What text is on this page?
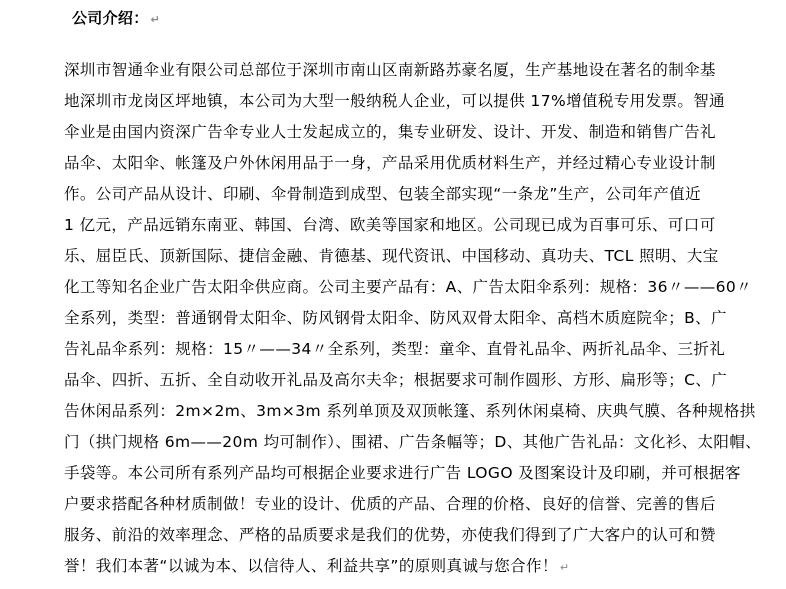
公司介绍： ↵
深圳市智通伞业有限公司总部位于深圳市南山区南新路苏豪名厦，生产基地设在著名的制伞基
地深圳市龙岗区坪地镇，本公司为大型一般纳税人企业，可以提供 17%增值税专用发票。智通
伞业是由国内资深广告伞专业人士发起成立的，集专业研发、设计、开发、制造和销售广告礼
品伞、太阳伞、帐篷及户外休闲用品于一身，产品采用优质材料生产，并经过精心专业设计制
作。公司产品从设计、印刷、伞骨制造到成型、包装全部实现“一条龙”生产，公司年产值近
1 亿元，产品远销东南亚、韩国、台湾、欧美等国家和地区。公司现已成为百事可乐、可口可
乐、屈臣氏、顶新国际、捷信金融、肯德基、现代资讯、中国移动、真功夫、TCL 照明、大宝
化工等知名企业广告太阳伞供应商。公司主要产品有：A、广告太阳伞系列：规格：36〃——60〃
全系列，类型：普通钢骨太阳伞、防风钢骨太阳伞、防风双骨太阳伞、高档木质庭院伞；B、广
告礼品伞系列：规格：15〃——34〃全系列，类型：童伞、直骨礼品伞、两折礼品伞、三折礼
品伞、四折、五折、全自动收开礼品及高尔夫伞；根据要求可制作圆形、方形、扁形等；C、广
告休闲品系列：2m×2m、3m×3m 系列单顶及双顶帐篷、系列休闲桌椅、庆典气膜、各种规格拱
门（拱门规格 6m——20m 均可制作）、围裙、广告条幅等；D、其他广告礼品：文化衫、太阳帽、
手袋等。本公司所有系列产品均可根据企业要求进行广告 LOGO 及图案设计及印刷，并可根据客
户要求搭配各种材质制做！专业的设计、优质的产品、合理的价格、良好的信誉、完善的售后
服务、前沿的效率理念、严格的品质要求是我们的优势，亦使我们得到了广大客户的认可和赞
誉！我们本著“以诚为本、以信待人、利益共享”的原则真诚与您合作！ ↵
